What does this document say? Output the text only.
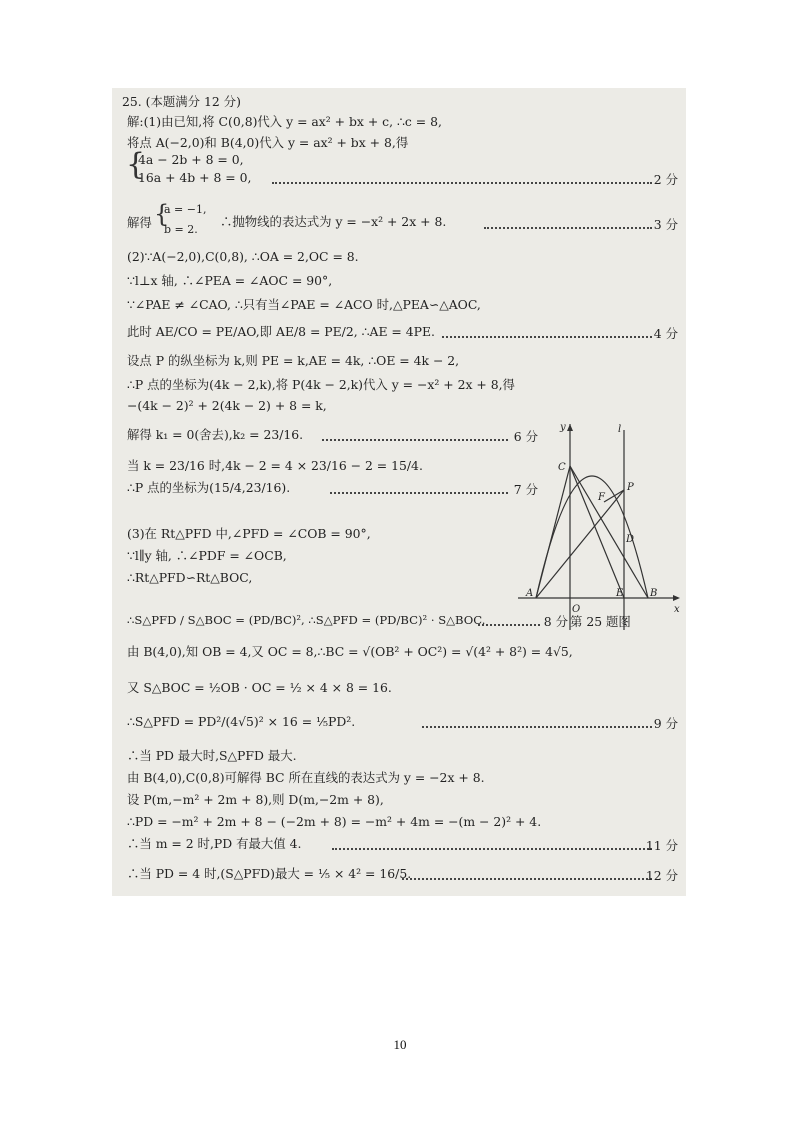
25. (本题满分 12 分)
解:(1)由已知,将 C(0,8)代入 y = ax² + bx + c, ∴c = 8,
将点 A(−2,0)和 B(4,0)代入 y = ax² + bx + 8,得
{
4a − 2b + 8 = 0,
16a + 4b + 8 = 0,	2 分
解得 {
a = −1,
b = 2.
∴抛物线的表达式为 y = −x² + 2x + 8.	3 分
(2)∵A(−2,0),C(0,8), ∴OA = 2,OC = 8.
∵l⊥x 轴, ∴∠PEA = ∠AOC = 90°,
∵∠PAE ≠ ∠CAO, ∴只有当∠PAE = ∠ACO 时,△PEA∽△AOC,
此时 AE/CO = PE/AO,即 AE/8 = PE/2, ∴AE = 4PE.	4 分
设点 P 的纵坐标为 k,则 PE = k,AE = 4k, ∴OE = 4k − 2,
∴P 点的坐标为(4k − 2,k),将 P(4k − 2,k)代入 y = −x² + 2x + 8,得
−(4k − 2)² + 2(4k − 2) + 8 = k,
解得 k₁ = 0(舍去),k₂ = 23/16.	6 分
当 k = 23/16 时,4k − 2 = 4 × 23/16 − 2 = 15/4.
∴P 点的坐标为(15/4,23/16).	7 分
(3)在 Rt△PFD 中,∠PFD = ∠COB = 90°,
∵l∥y 轴, ∴∠PDF = ∠OCB,
∴Rt△PFD∽Rt△BOC,
∴S△PFD / S△BOC = (PD/BC)², ∴S△PFD = (PD/BC)² · S△BOC.	8 分
由 B(4,0),知 OB = 4,又 OC = 8,∴BC = √(OB² + OC²) = √(4² + 8²) = 4√5,
又 S△BOC = ½OB · OC = ½ × 4 × 8 = 16.
∴S△PFD = PD²/(4√5)² × 16 = ⅕PD².	9 分
∴当 PD 最大时,S△PFD 最大.
由 B(4,0),C(0,8)可解得 BC 所在直线的表达式为 y = −2x + 8.
设 P(m,−m² + 2m + 8),则 D(m,−2m + 8),
∴PD = −m² + 2m + 8 − (−2m + 8) = −m² + 4m = −(m − 2)² + 4.
∴当 m = 2 时,PD 有最大值 4.	11 分
∴当 PD = 4 时,(S△PFD)最大 = ⅕ × 4² = 16/5.	12 分
y	l
x
C
F
P
D
A
O
E	B
第 25 题图
10
